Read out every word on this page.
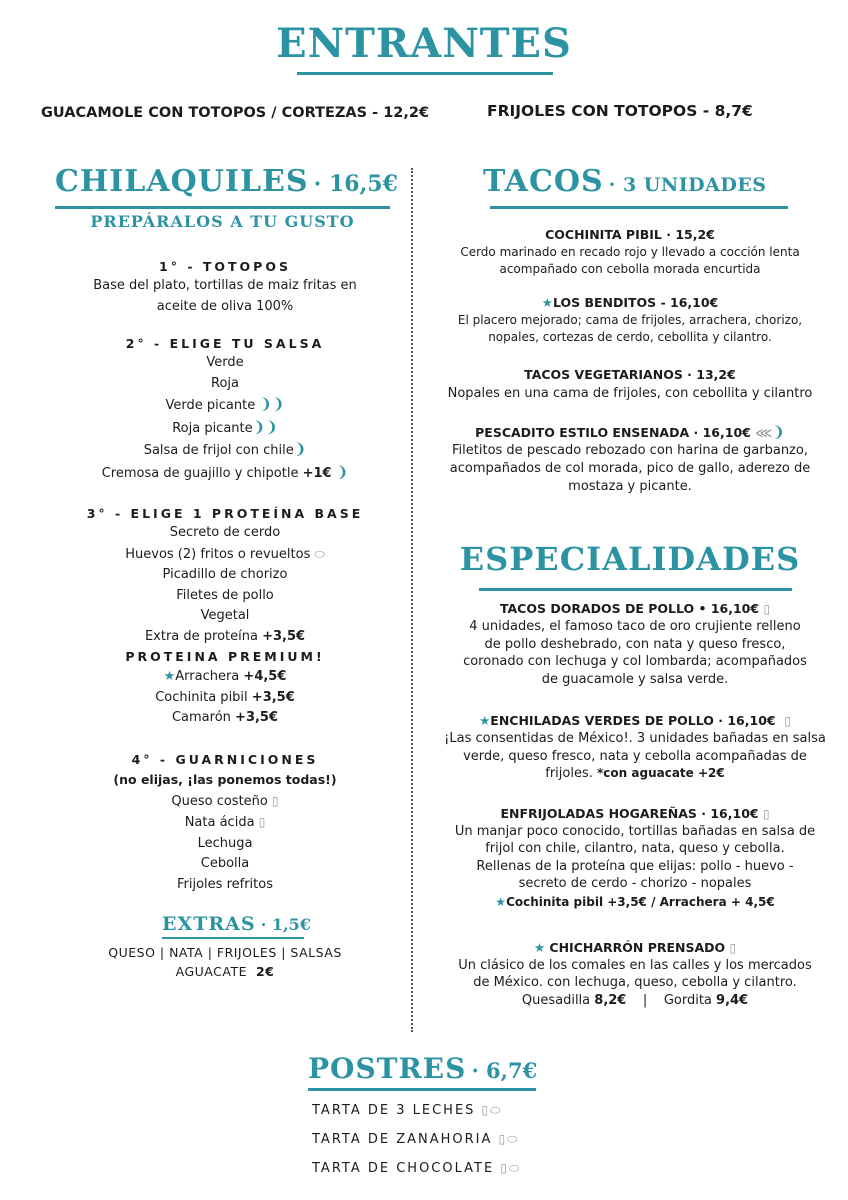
ENTRANTES
GUACAMOLE CON TOTOPOS / CORTEZAS - 12,2€	FRIJOLES CON TOTOPOS - 8,7€
CHILAQUILES · 16,5€
PREPÁRALOS A TU GUSTO
1° - TOTOPOS
Base del plato, tortillas de maiz fritas en
aceite de oliva 100%
2° - ELIGE TU SALSA
Verde
Roja
Verde picante ❩❩
Roja picante❩❩
Salsa de frijol con chile❩
Cremosa de guajillo y chipotle +1€ ❩
3° - ELIGE 1 PROTEÍNA BASE
Secreto de cerdo
Huevos (2) fritos o revueltos ⬭
Picadillo de chorizo
Filetes de pollo
Vegetal
Extra de proteína +3,5€
PROTEINA PREMIUM!
★Arrachera +4,5€
Cochinita pibil +3,5€
Camarón +3,5€
4° - GUARNICIONES
(no elijas, ¡las ponemos todas!)
Queso costeño ▯
Nata ácida ▯
Lechuga
Cebolla
Frijoles refritos
EXTRAS · 1,5€
QUESO | NATA | FRIJOLES | SALSAS
AGUACATE 2€
TACOS · 3 UNIDADES
COCHINITA PIBIL · 15,2€
Cerdo marinado en recado rojo y llevado a cocción lenta
acompañado con cebolla morada encurtida
★LOS BENDITOS - 16,10€
El placero mejorado; cama de frijoles, arrachera, chorizo,
nopales, cortezas de cerdo, cebollita y cilantro.
TACOS VEGETARIANOS · 13,2€
Nopales en una cama de frijoles, con cebollita y cilantro
PESCADITO ESTILO ENSENADA · 16,10€ ⋘❩
Filetitos de pescado rebozado con harina de garbanzo,
acompañados de col morada, pico de gallo, aderezo de
mostaza y picante.
ESPECIALIDADES
TACOS DORADOS DE POLLO • 16,10€ ▯
4 unidades, el famoso taco de oro crujiente relleno
de pollo deshebrado, con nata y queso fresco,
coronado con lechuga y col lombarda; acompañados
de guacamole y salsa verde.
★ENCHILADAS VERDES DE POLLO · 16,10€ ▯
¡Las consentidas de México!. 3 unidades bañadas en salsa
verde, queso fresco, nata y cebolla acompañadas de
frijoles. *con aguacate +2€
ENFRIJOLADAS HOGAREÑAS · 16,10€ ▯
Un manjar poco conocido, tortillas bañadas en salsa de
frijol con chile, cilantro, nata, queso y cebolla.
Rellenas de la proteína que elijas: pollo - huevo -
secreto de cerdo - chorizo - nopales
★Cochinita pibil +3,5€ / Arrachera + 4,5€
★ CHICHARRÓN PRENSADO ▯
Un clásico de los comales en las calles y los mercados
de México. con lechuga, queso, cebolla y cilantro.
Quesadilla 8,2€    |    Gordita 9,4€
POSTRES · 6,7€
TARTA DE 3 LECHES ▯⬭
TARTA DE ZANAHORIA ▯⬭
TARTA DE CHOCOLATE ▯⬭
